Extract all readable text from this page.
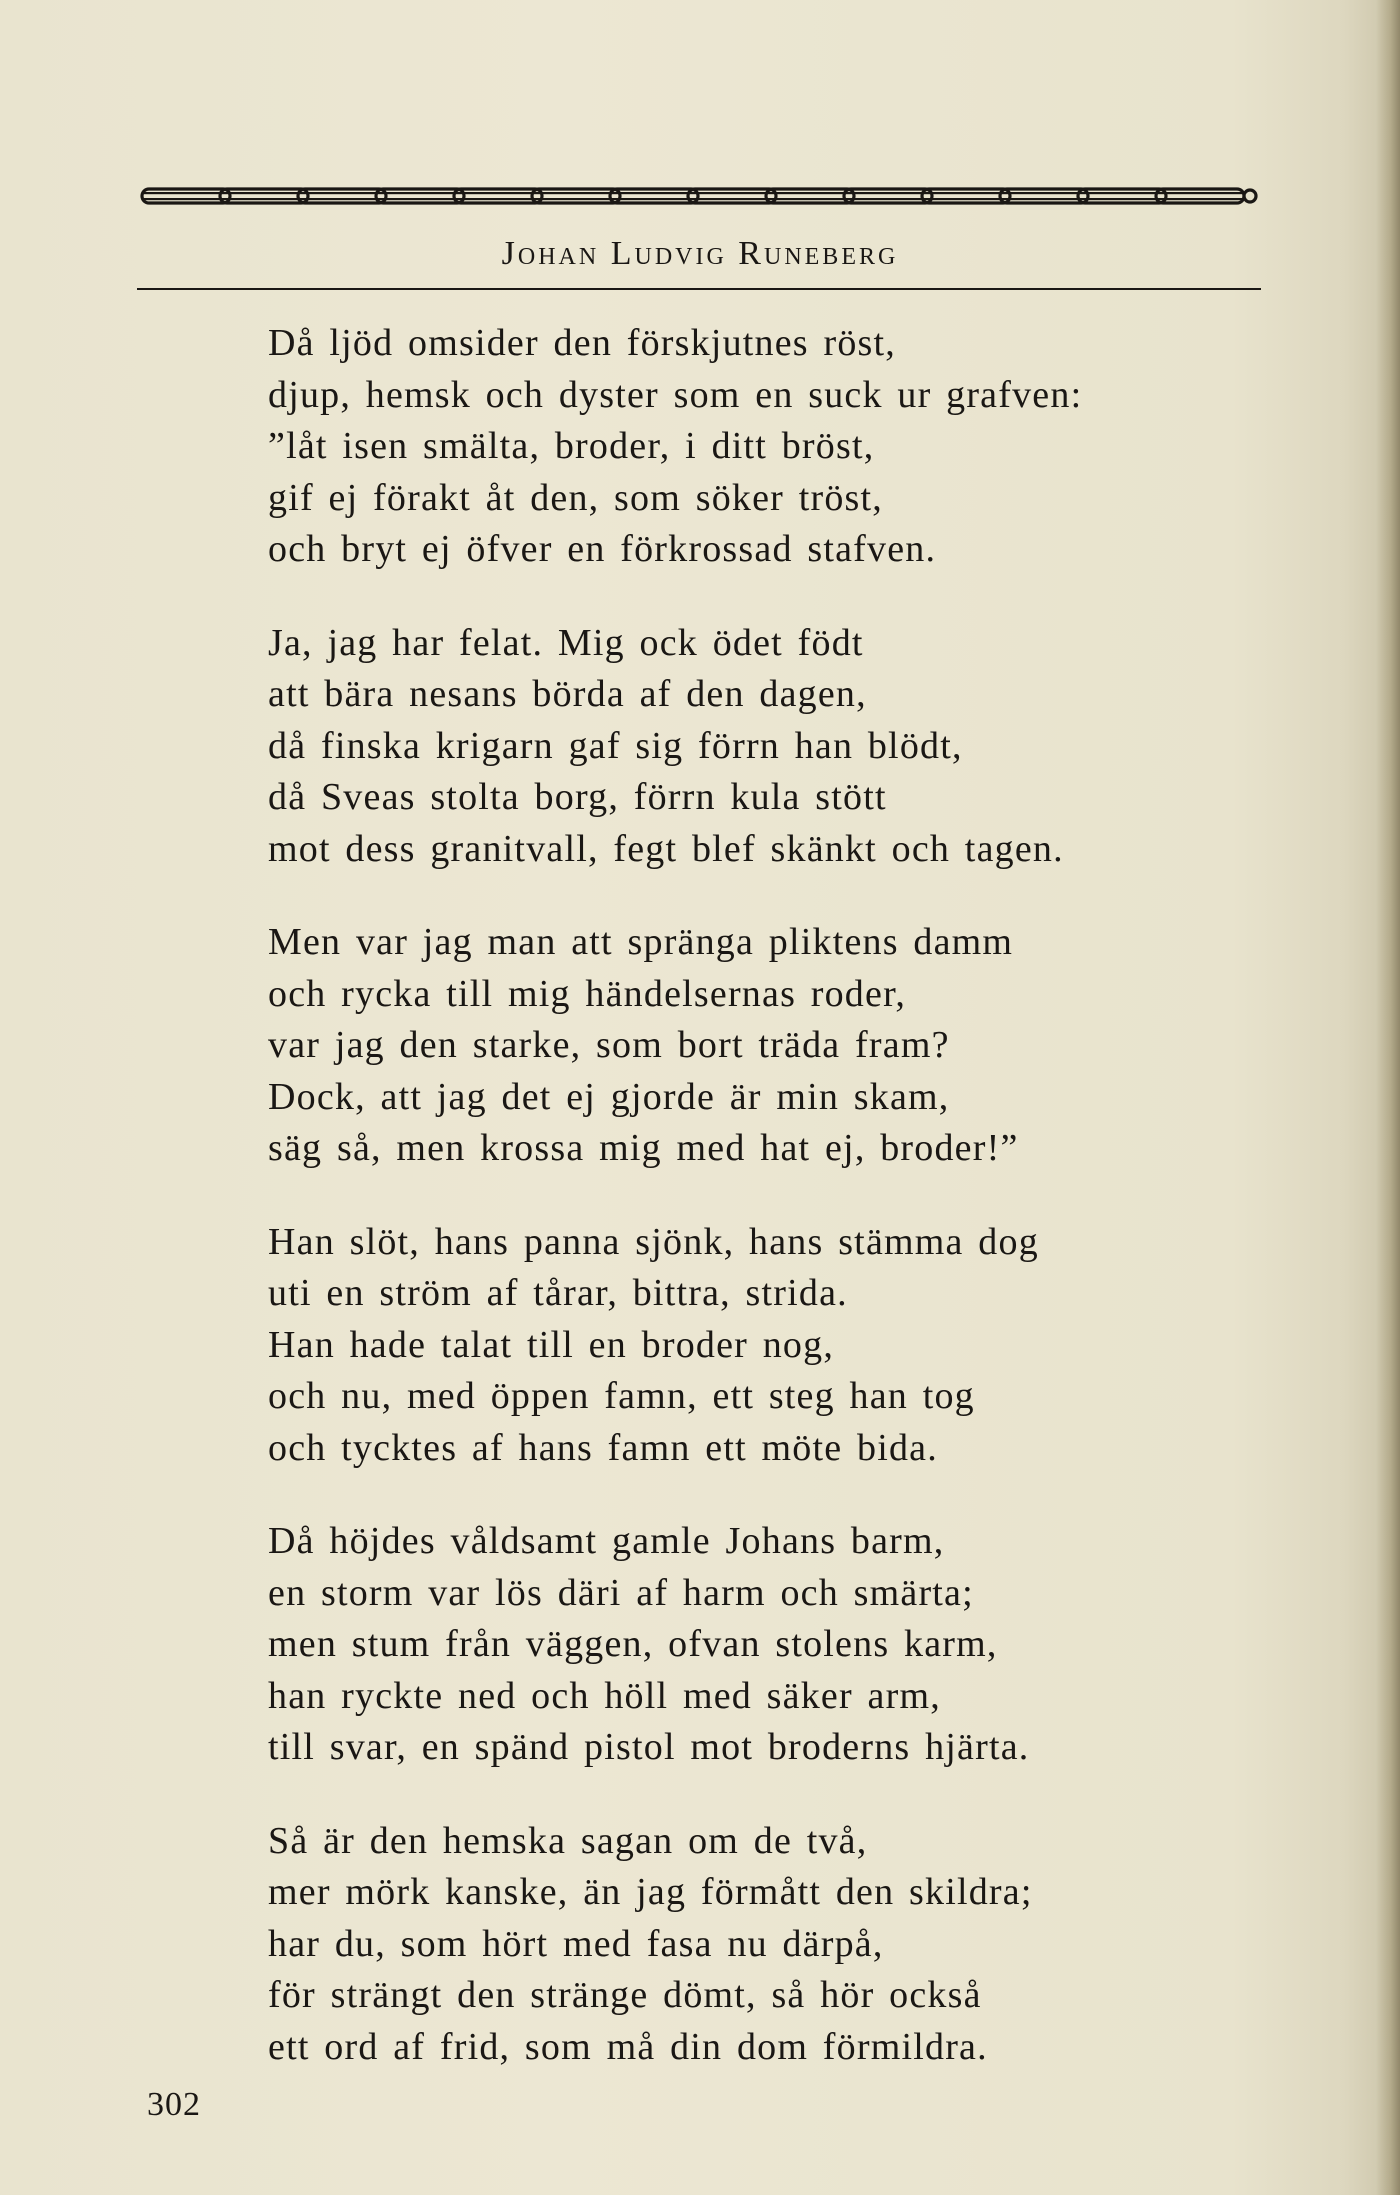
Johan Ludvig Runeberg
Då ljöd omsider den förskjutnes röst,
djup, hemsk och dyster som en suck ur grafven:
”låt isen smälta, broder, i ditt bröst,
gif ej förakt åt den, som söker tröst,
och bryt ej öfver en förkrossad stafven.
Ja, jag har felat. Mig ock ödet födt
att bära nesans börda af den dagen,
då finska krigarn gaf sig förrn han blödt,
då Sveas stolta borg, förrn kula stött
mot dess granitvall, fegt blef skänkt och tagen.
Men var jag man att spränga pliktens damm
och rycka till mig händelsernas roder,
var jag den starke, som bort träda fram?
Dock, att jag det ej gjorde är min skam,
säg så, men krossa mig med hat ej, broder!”
Han slöt, hans panna sjönk, hans stämma dog
uti en ström af tårar, bittra, strida.
Han hade talat till en broder nog,
och nu, med öppen famn, ett steg han tog
och tycktes af hans famn ett möte bida.
Då höjdes våldsamt gamle Johans barm,
en storm var lös däri af harm och smärta;
men stum från väggen, ofvan stolens karm,
han ryckte ned och höll med säker arm,
till svar, en spänd pistol mot broderns hjärta.
Så är den hemska sagan om de två,
mer mörk kanske, än jag förmått den skildra;
har du, som hört med fasa nu därpå,
för strängt den stränge dömt, så hör också
ett ord af frid, som må din dom förmildra.
302
